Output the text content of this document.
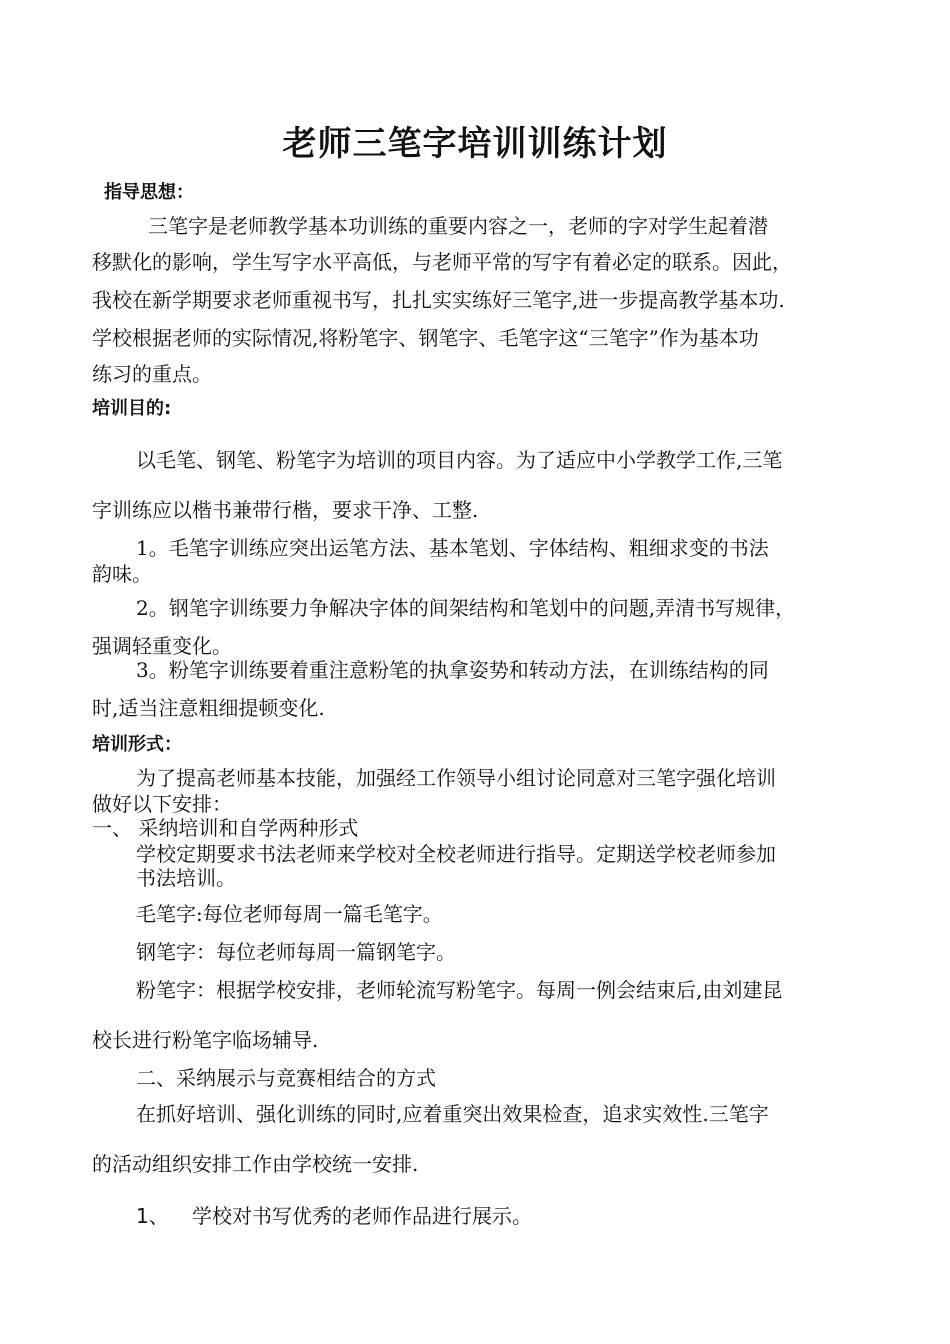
老师三笔字培训训练计划
指导思想：
三笔字是老师教学基本功训练的重要内容之一，老师的字对学生起着潜
移默化的影响，学生写字水平高低，与老师平常的写字有着必定的联系。因此，
我校在新学期要求老师重视书写，扎扎实实练好三笔字,进一步提高教学基本功.
学校根据老师的实际情况,将粉笔字、钢笔字、毛笔字这“三笔字”作为基本功
练习的重点。
培训目的:
以毛笔、钢笔、粉笔字为培训的项目内容。为了适应中小学教学工作,三笔
字训练应以楷书兼带行楷，要求干净、工整.
1。毛笔字训练应突出运笔方法、基本笔划、字体结构、粗细求变的书法
韵味。
2。钢笔字训练要力争解决字体的间架结构和笔划中的问题,弄清书写规律，
强调轻重变化。
3。粉笔字训练要着重注意粉笔的执拿姿势和转动方法，在训练结构的同
时,适当注意粗细提顿变化.
培训形式：
为了提高老师基本技能，加强经工作领导小组讨论同意对三笔字强化培训
做好以下安排：
一、 采纳培训和自学两种形式
学校定期要求书法老师来学校对全校老师进行指导。定期送学校老师参加
书法培训。
毛笔字:每位老师每周一篇毛笔字。
钢笔字：每位老师每周一篇钢笔字。
粉笔字：根据学校安排，老师轮流写粉笔字。每周一例会结束后,由刘建昆
校长进行粉笔字临场辅导.
二、采纳展示与竞赛相结合的方式
在抓好培训、强化训练的同时,应着重突出效果检查，追求实效性.三笔字
的活动组织安排工作由学校统一安排.
1、 学校对书写优秀的老师作品进行展示。
